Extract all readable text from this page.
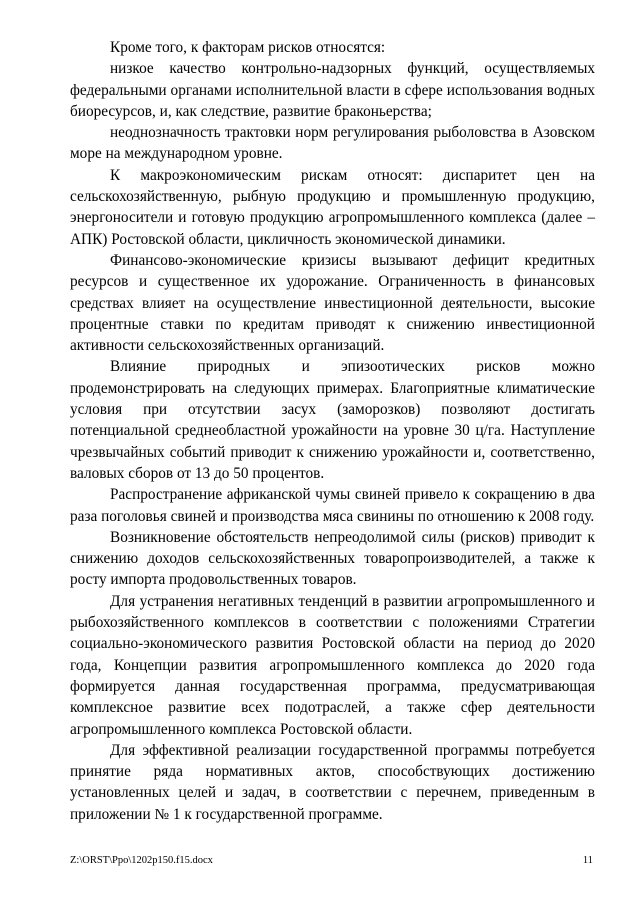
Кроме того, к факторам рисков относятся:

низкое качество контрольно-надзорных функций, осуществляемых федеральными органами исполнительной власти в сфере использования водных биоресурсов, и, как следствие, развитие браконьерства;

неоднозначность трактовки норм регулирования рыболовства в Азовском море на международном уровне.

К макроэкономическим рискам относят: диспаритет цен на сельскохозяйственную, рыбную продукцию и промышленную продукцию, энергоносители и готовую продукцию агропромышленного комплекса (далее – АПК) Ростовской области, цикличность экономической динамики.

Финансово-экономические кризисы вызывают дефицит кредитных ресурсов и существенное их удорожание. Ограниченность в финансовых средствах влияет на осуществление инвестиционной деятельности, высокие процентные ставки по кредитам приводят к снижению инвестиционной активности сельскохозяйственных организаций.

Влияние природных и эпизоотических рисков можно продемонстрировать на следующих примерах. Благоприятные климатические условия при отсутствии засух (заморозков) позволяют достигать потенциальной среднеобластной урожайности на уровне 30 ц/га. Наступление чрезвычайных событий приводит к снижению урожайности и, соответственно, валовых сборов от 13 до 50 процентов.

Распространение африканской чумы свиней привело к сокращению в два раза поголовья свиней и производства мяса свинины по отношению к 2008 году.

Возникновение обстоятельств непреодолимой силы (рисков) приводит к снижению доходов сельскохозяйственных товаропроизводителей, а также к росту импорта продовольственных товаров.

Для устранения негативных тенденций в развитии агропромышленного и рыбохозяйственного комплексов в соответствии с положениями Стратегии социально-экономического развития Ростовской области на период до 2020 года, Концепции развития агропромышленного комплекса до 2020 года формируется данная государственная программа, предусматривающая комплексное развитие всех подотраслей, а также сфер деятельности агропромышленного комплекса Ростовской области.

Для эффективной реализации государственной программы потребуется принятие ряда нормативных актов, способствующих достижению установленных целей и задач, в соответствии с перечнем, приведенным в приложении № 1 к государственной программе.

Z:\ORST\Ppo\1202p150.f15.docx	11
